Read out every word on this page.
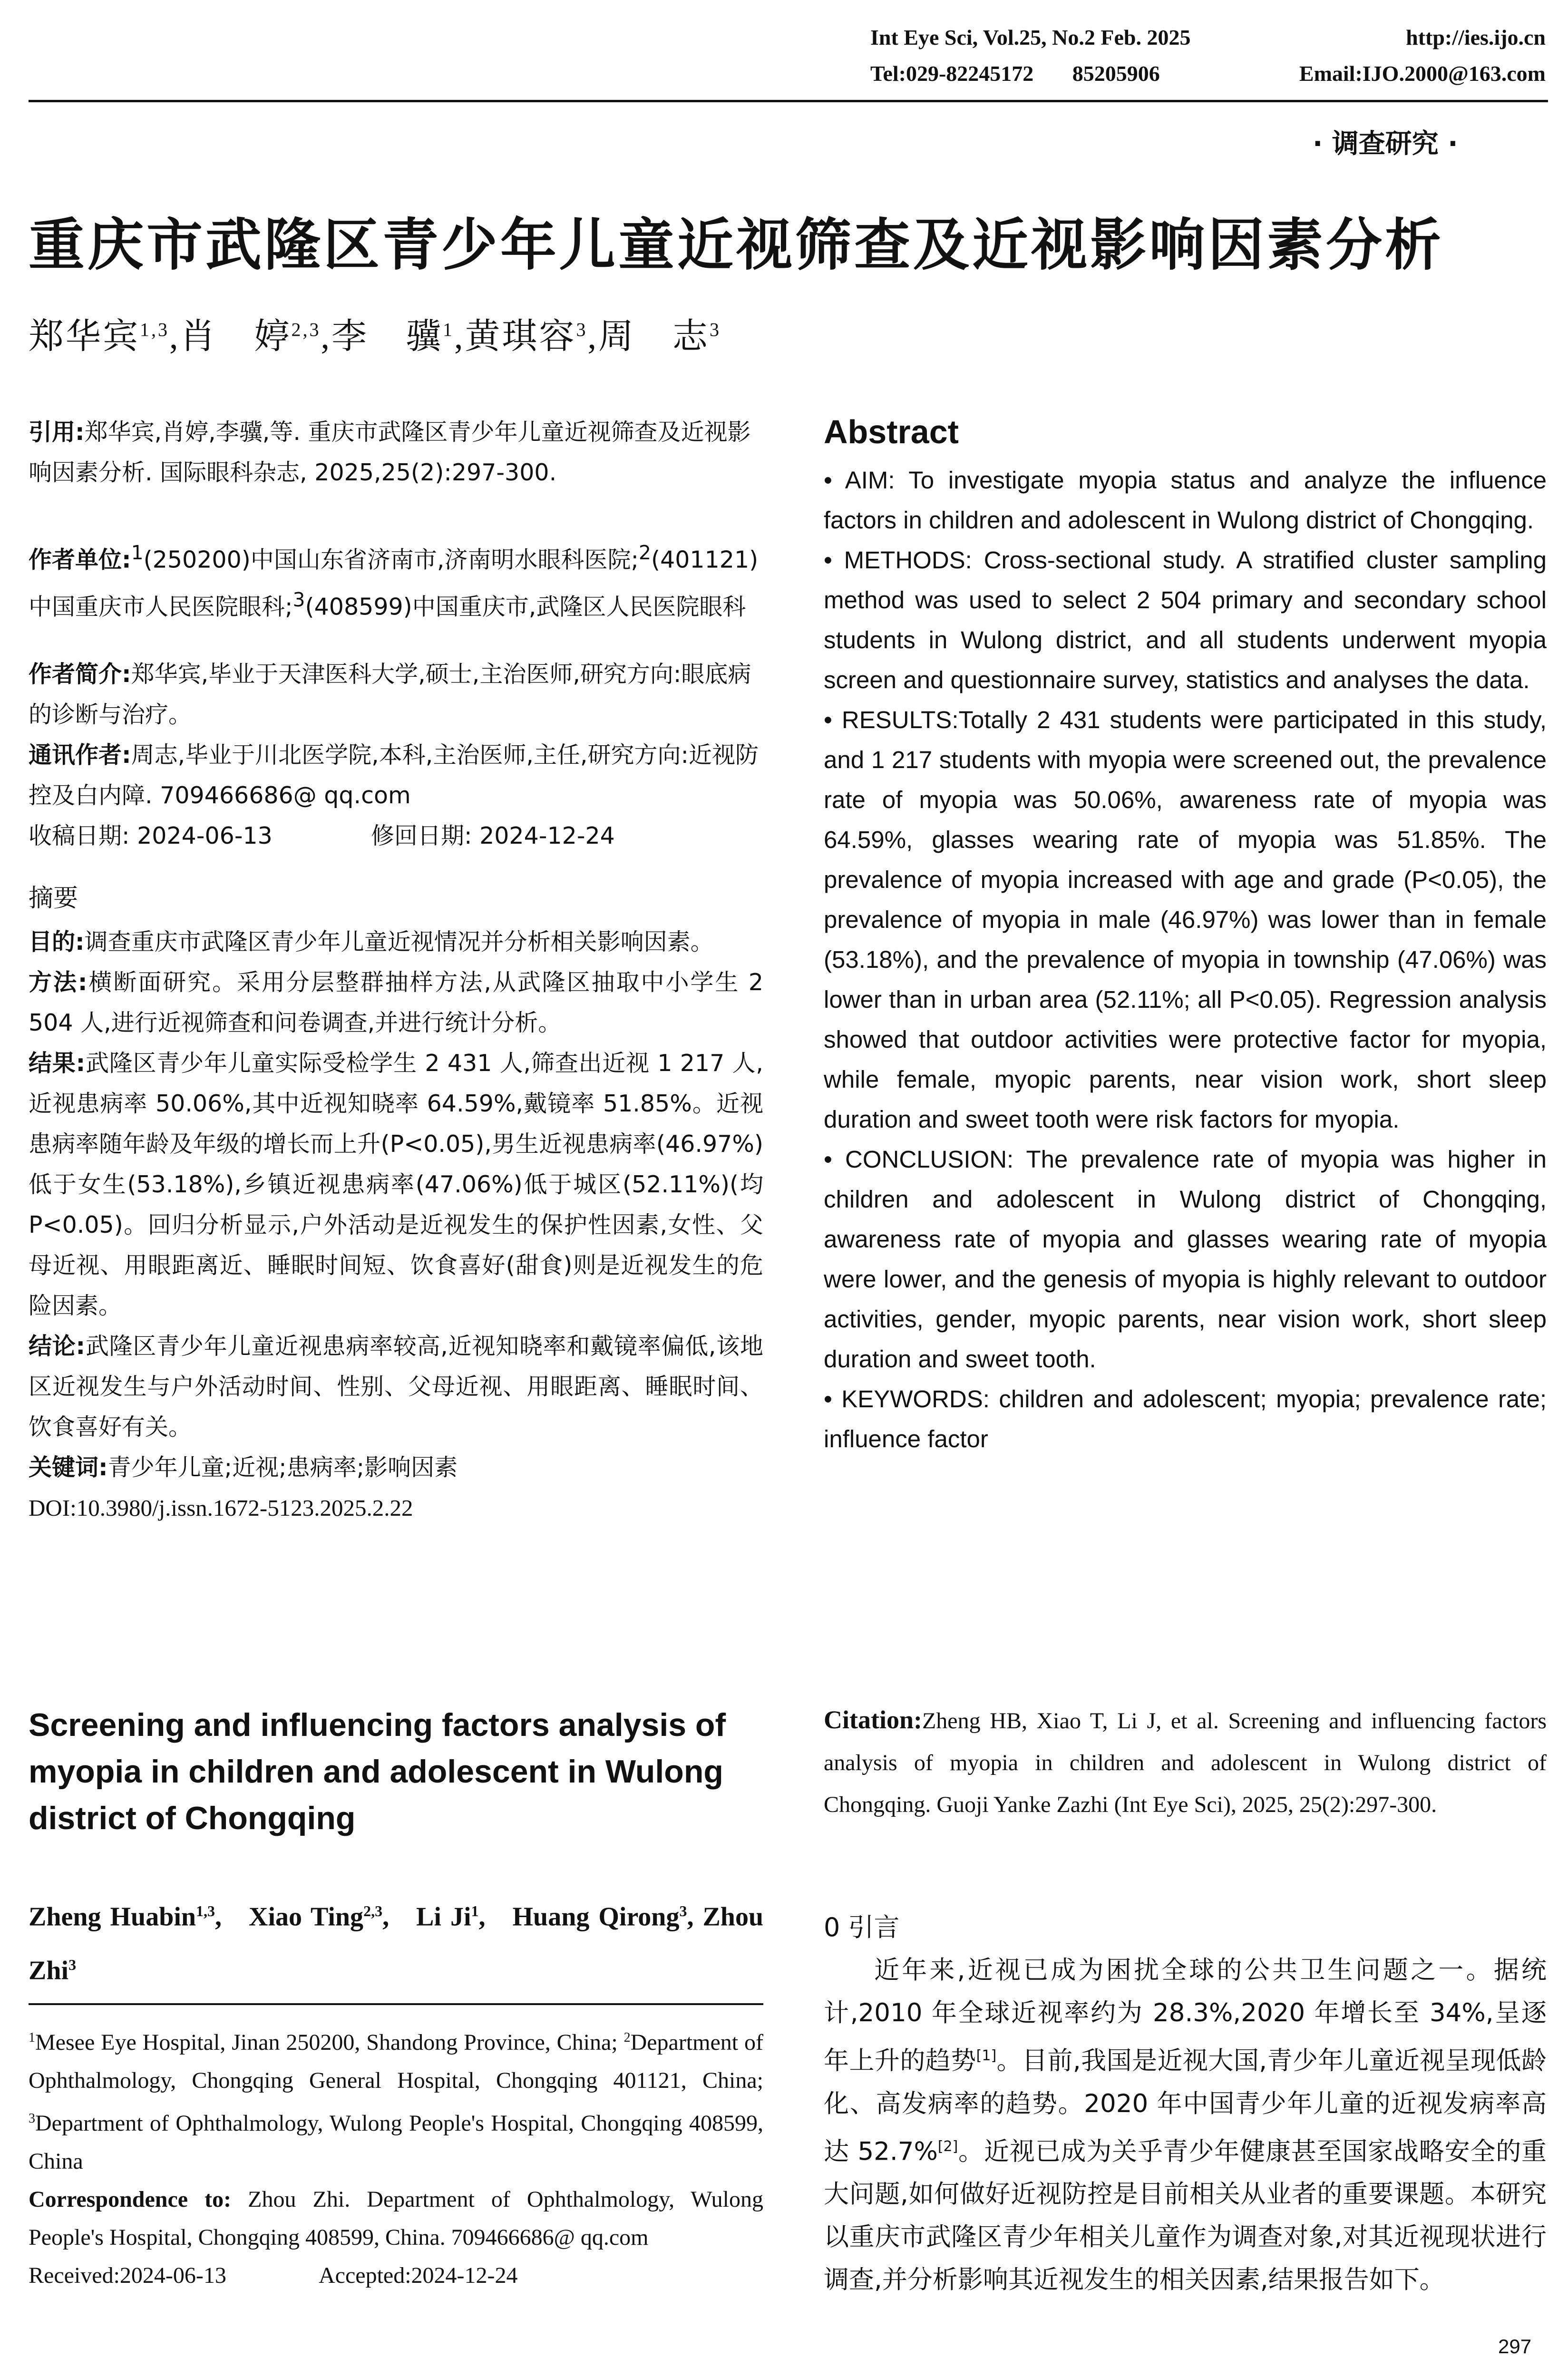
Int Eye Sci, Vol.25, No.2 Feb. 2025	http://ies.ijo.cn
Tel:029-82245172 85205906	Email:IJO.2000@163.com
· 调查研究 ·
重庆市武隆区青少年儿童近视筛查及近视影响因素分析
郑华宾$^{1,3}$,肖　婷$^{2,3}$,李　骥$^1$,黄琪容$^3$,周　志$^3$

引用:郑华宾,肖婷,李骥,等. 重庆市武隆区青少年儿童近视筛查及近视影响因素分析. 国际眼科杂志, 2025,25(2):297-300.

作者单位:$^1$(250200)中国山东省济南市,济南明水眼科医院;$^2$(401121)中国重庆市人民医院眼科;$^3$(408599)中国重庆市,武隆区人民医院眼科

作者简介:郑华宾,毕业于天津医科大学,硕士,主治医师,研究方向:眼底病的诊断与治疗。

通讯作者:周志,毕业于川北医学院,本科,主治医师,主任,研究方向:近视防控及白内障. 709466686@ qq.com

收稿日期: 2024-06-13	修回日期: 2024-12-24

摘要

目的:调查重庆市武隆区青少年儿童近视情况并分析相关影响因素。

方法:横断面研究。采用分层整群抽样方法,从武隆区抽取中小学生 2 504 人,进行近视筛查和问卷调查,并进行统计分析。

结果:武隆区青少年儿童实际受检学生 2 431 人,筛查出近视 1 217 人, 近视患病率 50.06%,其中近视知晓率 64.59%,戴镜率 51.85%。近视患病率随年龄及年级的增长而上升(P<0.05),男生近视患病率(46.97%)低于女生(53.18%),乡镇近视患病率(47.06%)低于城区(52.11%)(均 P<0.05)。回归分析显示,户外活动是近视发生的保护性因素,女性、父母近视、用眼距离近、睡眠时间短、饮食喜好(甜食)则是近视发生的危险因素。

结论:武隆区青少年儿童近视患病率较高,近视知晓率和戴镜率偏低,该地区近视发生与户外活动时间、性别、父母近视、用眼距离、睡眠时间、饮食喜好有关。

关键词:青少年儿童;近视;患病率;影响因素

DOI:10.3980/j.issn.1672-5123.2025.2.22

Screening and influencing factors analysis of myopia in children and adolescent in Wulong district of Chongqing
Zheng Huabin$^{1,3}$,   Xiao Ting$^{2,3}$,   Li Ji$^1$,   Huang Qirong$^3$, Zhou Zhi$^3$

$^1$Mesee Eye Hospital, Jinan 250200, Shandong Province, China; $^2$Department of Ophthalmology, Chongqing General Hospital, Chongqing 401121, China; $^3$Department of Ophthalmology, Wulong People's Hospital, Chongqing 408599, China

Correspondence to: Zhou Zhi. Department of Ophthalmology, Wulong People's Hospital, Chongqing 408599, China. 709466686@ qq.com

Received:2024-06-13	Accepted:2024-12-24

Abstract

• AIM: To investigate myopia status and analyze the influence factors in children and adolescent in Wulong district of Chongqing.

• METHODS: Cross-sectional study. A stratified cluster sampling method was used to select 2 504 primary and secondary school students in Wulong district, and all students underwent myopia screen and questionnaire survey, statistics and analyses the data.

• RESULTS:Totally 2 431 students were participated in this study, and 1 217 students with myopia were screened out, the prevalence rate of myopia was 50.06%, awareness rate of myopia was 64.59%, glasses wearing rate of myopia was 51.85%. The prevalence of myopia increased with age and grade (P<0.05), the prevalence of myopia in male (46.97%) was lower than in female (53.18%), and the prevalence of myopia in township (47.06%) was lower than in urban area (52.11%; all P<0.05). Regression analysis showed that outdoor activities were protective factor for myopia, while female, myopic parents, near vision work, short sleep duration and sweet tooth were risk factors for myopia.

• CONCLUSION: The prevalence rate of myopia was higher in children and adolescent in Wulong district of Chongqing, awareness rate of myopia and glasses wearing rate of myopia were lower, and the genesis of myopia is highly relevant to outdoor activities, gender, myopic parents, near vision work, short sleep duration and sweet tooth.

• KEYWORDS: children and adolescent; myopia; prevalence rate; influence factor

Citation:Zheng HB, Xiao T, Li J, et al. Screening and influencing factors analysis of myopia in children and adolescent in Wulong district of Chongqing. Guoji Yanke Zazhi (Int Eye Sci), 2025, 25(2):297-300.
0 引言
近年来,近视已成为困扰全球的公共卫生问题之一。据统计,2010 年全球近视率约为 28.3%,2020 年增长至 34%,呈逐年上升的趋势[1]。目前,我国是近视大国,青少年儿童近视呈现低龄化、高发病率的趋势。2020 年中国青少年儿童的近视发病率高达 52.7%[2]。近视已成为关乎青少年健康甚至国家战略安全的重大问题,如何做好近视防控是目前相关从业者的重要课题。本研究以重庆市武隆区青少年相关儿童作为调查对象,对其近视现状进行调查,并分析影响其近视发生的相关因素,结果报告如下。
297
